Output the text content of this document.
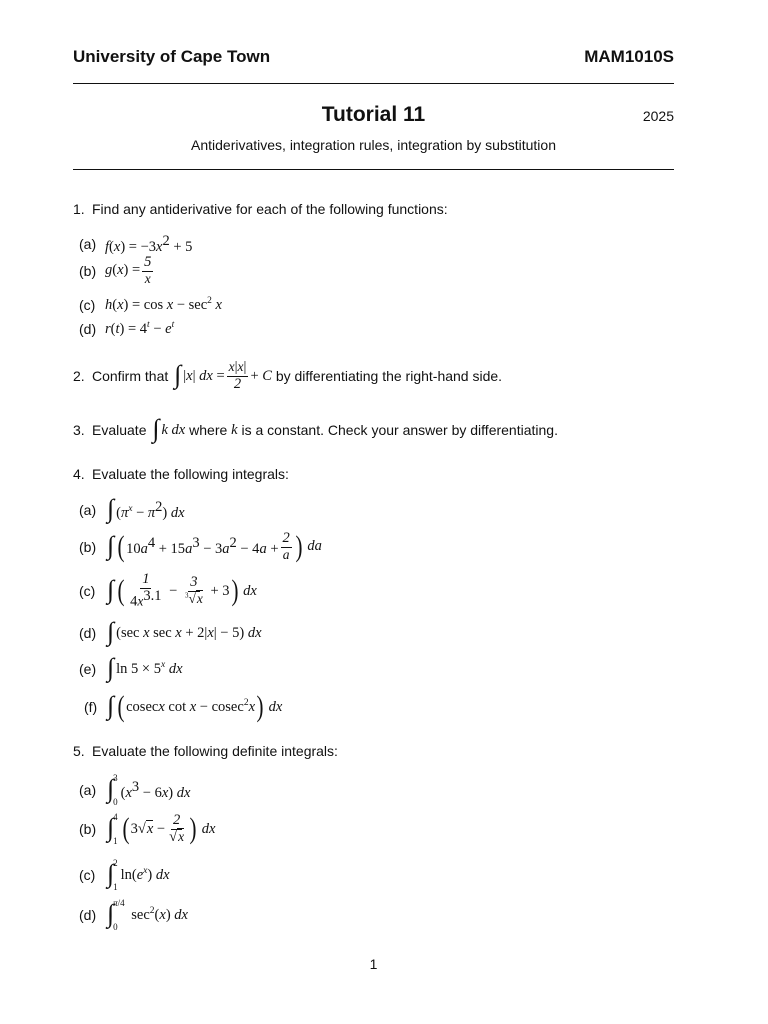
University of Cape Town	MAM1010S
Tutorial 11	2025
Antiderivatives, integration rules, integration by substitution
1. Find any antiderivative for each of the following functions:
(a) $f(x) = -3x^2 + 5$
(b) $g(x) = \frac{5}{x}$
(c) $h(x) = \cos x - \sec^2 x$
(d) $r(t) = 4^t - e^t$
2. Confirm that
∫ |x| dx = $\frac{x|x|}{2} + C$
by differentiating the right-hand side.
3. Evaluate
∫ k dx
where
k
is a constant. Check your answer by differentiating.
4. Evaluate the following integrals:
(a) ∫ $(\pi^x - \pi^2)$ dx
(b) ∫ ( $10a^4 + 15a^3 - 3a^2 - 4a + \frac{2}{a}$ ) da
(c) ∫ ( $\frac{1}{4x^{3.1}} - \frac{3}{^3√x} + 3$ ) dx
(d) ∫ (sec x sec x + 2|x| − 5) dx
(e) ∫ $\ln 5 \times 5^x$ dx
(f) ∫ ( cosecx cot x − cosec$^2$x ) dx
5. Evaluate the following definite integrals:
(a) ∫ 3
0
$(x^3 - 6x)$ dx
(b) ∫ 4
1 ( $3√x - \frac{2}{√x}$ ) dx
(c) ∫ 2
1
$\ln(e^x)$ dx
(d) ∫ π/4
0
$\sec^2(x)$ dx
1
